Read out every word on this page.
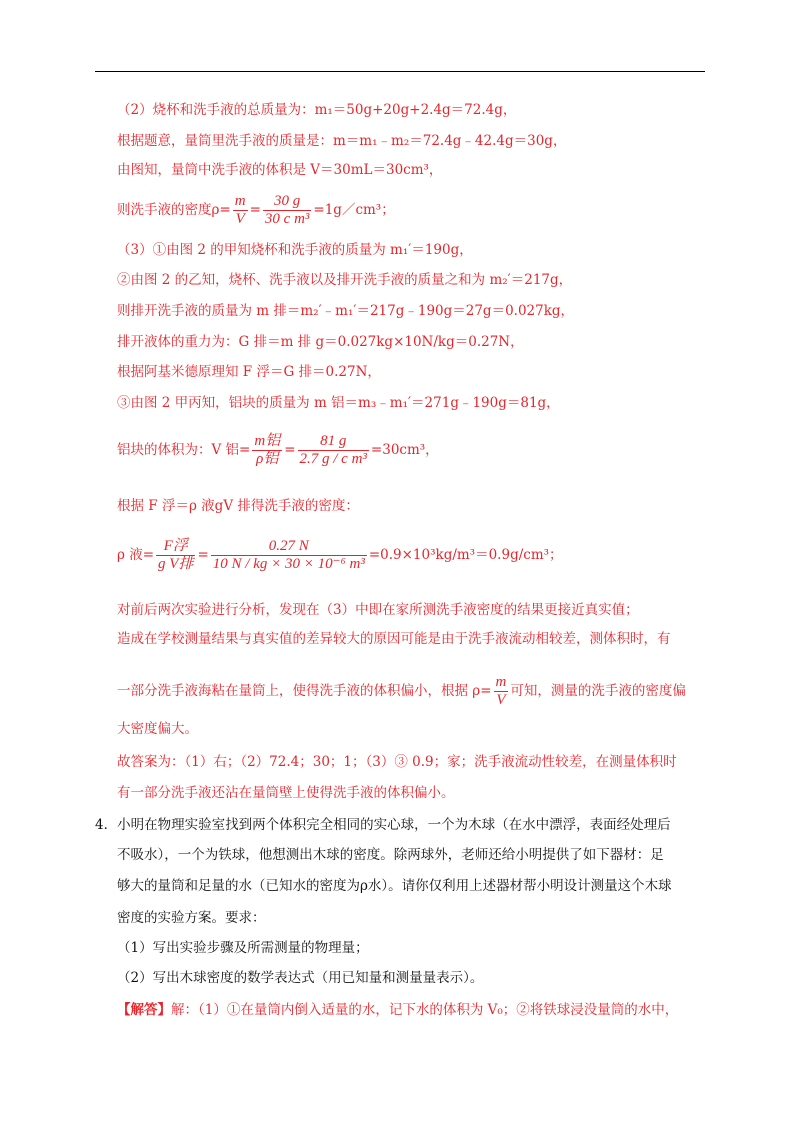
（2）烧杯和洗手液的总质量为：m₁＝50g+20g+2.4g＝72.4g，
根据题意，量筒里洗手液的质量是：m＝m₁﹣m₂＝72.4g﹣42.4g＝30g，
由图知，量筒中洗手液的体积是 V＝30mL＝30cm³，
则洗手液的密度$\rho= \frac{m}{V} = \frac{30 g}{\text{30 c m³}}$ =1g／cm³；
（3）①由图 2 的甲知烧杯和洗手液的质量为 m₁′＝190g，
②由图 2 的乙知，烧杯、洗手液以及排开洗手液的质量之和为 m₂′＝217g，
则排开洗手液的质量为 m 排＝m₂′﹣m₁′＝217g﹣190g＝27g＝0.027kg，
排开液体的重力为：G 排＝m 排 g＝0.027kg×10N/kg＝0.27N，
根据阿基米德原理知 F 浮＝G 排＝0.27N，
③由图 2 甲丙知，铝块的质量为 m 铝＝m₃﹣m₁′＝271g﹣190g＝81g，
铝块的体积为：V 铝= $\frac{\text{m铝}}{\text{ρ铝}} = \frac{81 g}{\text{2.7 g / c m³}} =30cm^3$，
根据 F 浮＝ρ 液gV 排得洗手液的密度：
ρ 液= $\frac{\text{F浮}}{\text{g V排}} = \frac{0.27 N}{\text{10 N / kg × 30 × 10⁻⁶ m³}} =0.9\times 10^3kg/m^3=0.9g/cm^3$；
对前后两次实验进行分析，发现在（3）中即在家所测洗手液密度的结果更接近真实值；
造成在学校测量结果与真实值的差异较大的原因可能是由于洗手液流动相较差，测体积时，有
一部分洗手液海粘在量筒上，使得洗手液的体积偏小，根据 $\rho= \frac{m}{V}$ 可知，测量的洗手液的密度偏
大密度偏大。
故答案为：（1）右；（2）72.4；30；1；（3）③ 0.9；家；洗手液流动性较差，在测量体积时
有一部分洗手液还沾在量筒壁上使得洗手液的体积偏小。
4．小明在物理实验室找到两个体积完全相同的实心球，一个为木球（在水中漂浮，表面经处理后
不吸水），一个为铁球，他想测出木球的密度。除两球外，老师还给小明提供了如下器材：足
够大的量筒和足量的水（已知水的密度为ρ水）。请你仅利用上述器材帮小明设计测量这个木球
密度的实验方案。要求：
（1）写出实验步骤及所需测量的物理量；
（2）写出木球密度的数学表达式（用已知量和测量量表示）。
【解答】解：（1）①在量筒内倒入适量的水，记下水的体积为 V₀；②将铁球浸没量筒的水中，
